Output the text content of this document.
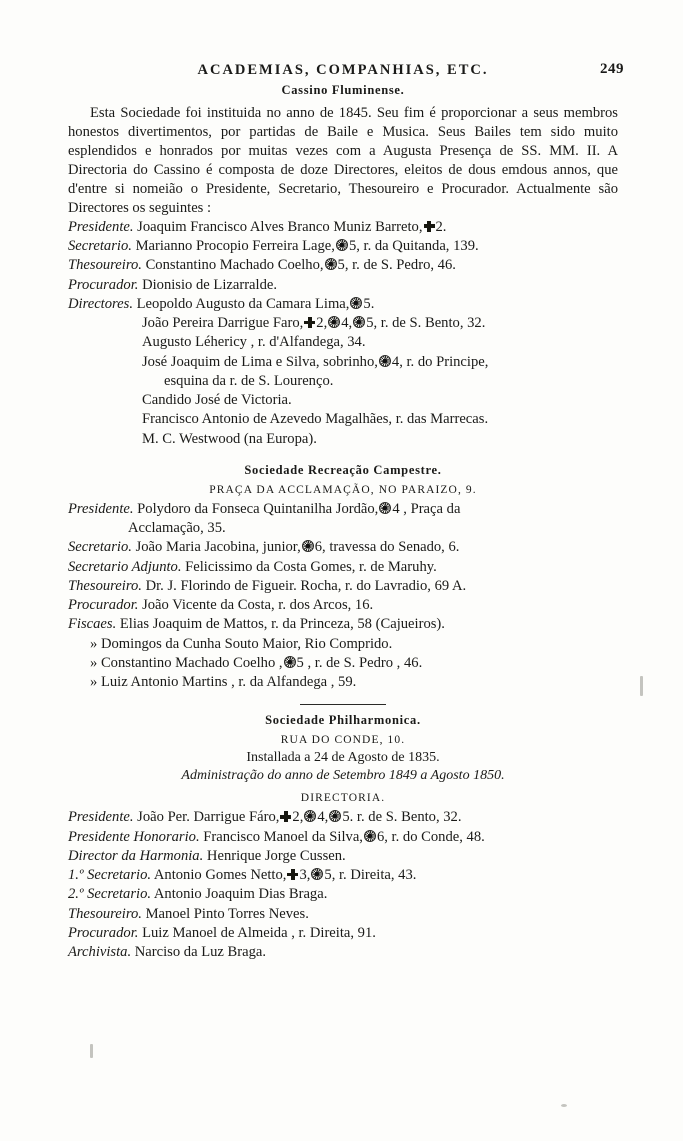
ACADEMIAS, COMPANHIAS, ETC.	249
Cassino Fluminense.

Esta Sociedade foi instituida no anno de 1845. Seu fim é proporcionar a seus membros honestos divertimentos, por partidas de Baile e Musica. Seus Bailes tem sido muito esplendidos e honrados por muitas vezes com a Augusta Presença de SS. MM. II. A Directoria do Cassino é composta de doze Directores, eleitos de dous emdous annos, que d'entre si nomeião o Presidente, Secretario, Thesoureiro e Procurador. Actualmente são Directores os seguintes :

Presidente. Joaquim Francisco Alves Branco Muniz Barreto, 2.
Secretario. Marianno Procopio Ferreira Lage, 5, r. da Quitanda, 139.
Thesoureiro. Constantino Machado Coelho, 5, r. de S. Pedro, 46.
Procurador. Dionisio de Lizarralde.
Directores. Leopoldo Augusto da Camara Lima, 5.
João Pereira Darrigue Faro, 2, 4, 5, r. de S. Bento, 32.
Augusto Léhericy , r. d'Alfandega, 34.
José Joaquim de Lima e Silva, sobrinho, 4, r. do Principe,
esquina da r. de S. Lourenço.
Candido José de Victoria.
Francisco Antonio de Azevedo Magalhães, r. das Marrecas.
M. C. Westwood (na Europa).
Sociedade Recreação Campestre.
PRAÇA DA ACCLAMAÇÃO, NO PARAIZO, 9.
Presidente. Polydoro da Fonseca Quintanilha Jordão, 4 , Praça da
Acclamação, 35.
Secretario. João Maria Jacobina, junior, 6, travessa do Senado, 6.
Secretario Adjunto. Felicissimo da Costa Gomes, r. de Maruhy.
Thesoureiro. Dr. J. Florindo de Figueir. Rocha, r. do Lavradio, 69 A.
Procurador. João Vicente da Costa, r. dos Arcos, 16.
Fiscaes. Elias Joaquim de Mattos, r. da Princeza, 58 (Cajueiros).
» Domingos da Cunha Souto Maior, Rio Comprido.
» Constantino Machado Coelho , 5 , r. de S. Pedro , 46.
» Luiz Antonio Martins , r. da Alfandega , 59.
Sociedade Philharmonica.
RUA DO CONDE, 10.
Installada a 24 de Agosto de 1835.
Administração do anno de Setembro 1849 a Agosto 1850.
DIRECTORIA.
Presidente. João Per. Darrigue Fáro, 2, 4, 5. r. de S. Bento, 32.
Presidente Honorario. Francisco Manoel da Silva, 6, r. do Conde, 48.
Director da Harmonia. Henrique Jorge Cussen.
1.º Secretario. Antonio Gomes Netto, 3, 5, r. Direita, 43.
2.º Secretario. Antonio Joaquim Dias Braga.
Thesoureiro. Manoel Pinto Torres Neves.
Procurador. Luiz Manoel de Almeida , r. Direita, 91.
Archivista. Narciso da Luz Braga.
